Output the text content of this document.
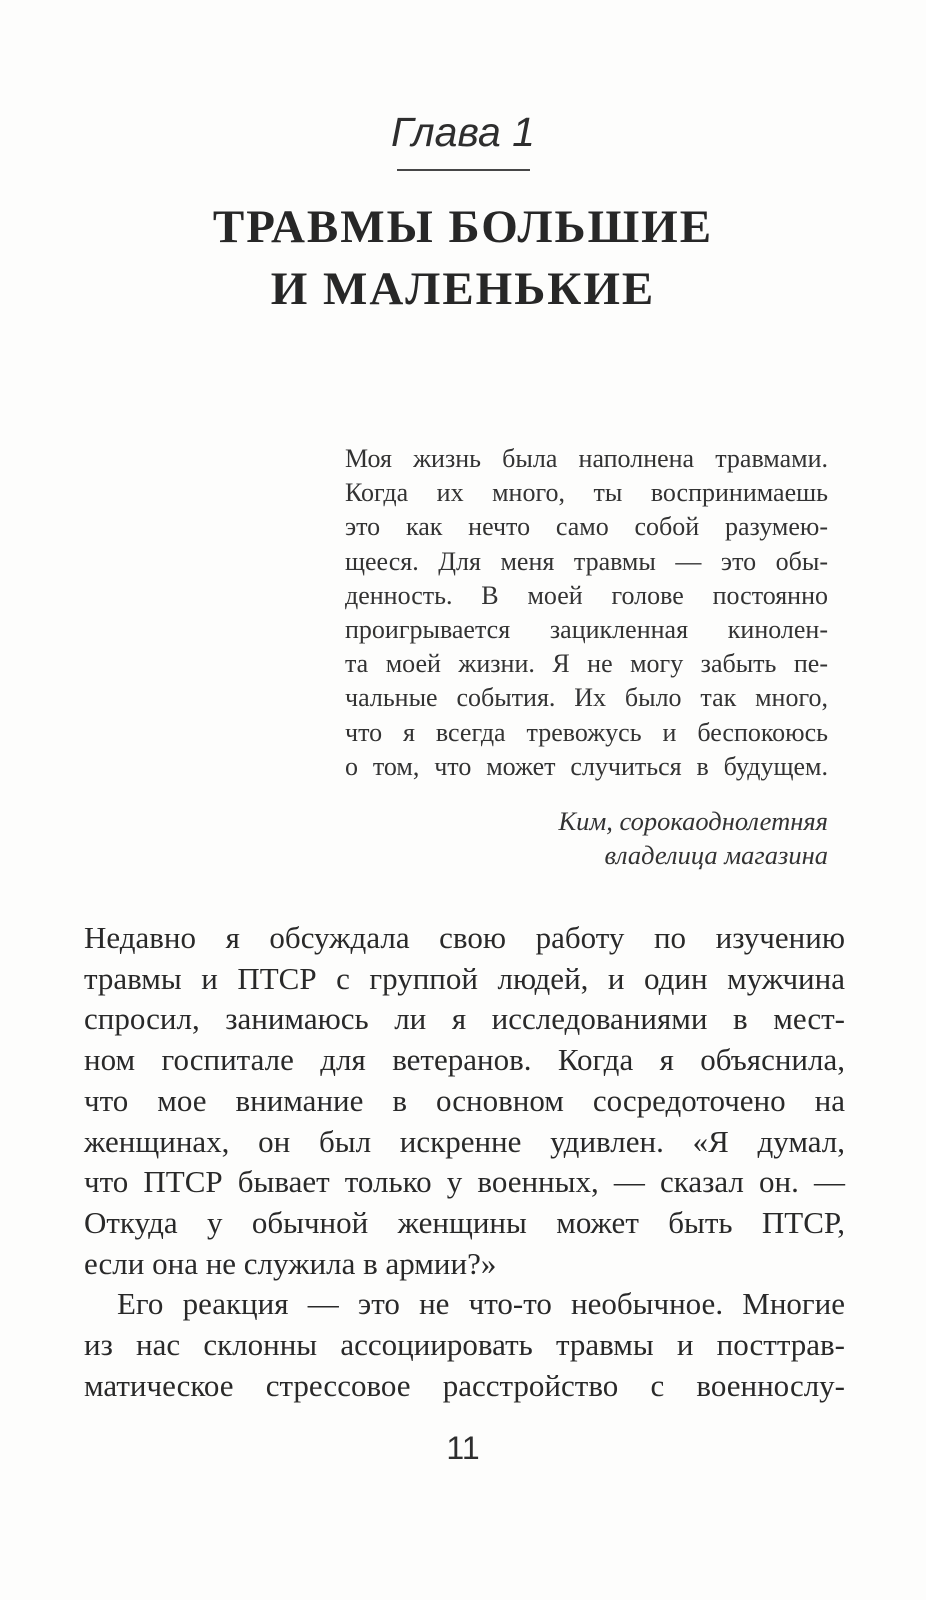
Глава 1
ТРАВМЫ БОЛЬШИЕ
И МАЛЕНЬКИЕ
Моя жизнь была наполнена травмами.
Когда их много, ты воспринимаешь
это как нечто само собой разумею-
щееся. Для меня травмы — это обы-
денность. В моей голове постоянно
проигрывается зацикленная кинолен-
та моей жизни. Я не могу забыть пе-
чальные события. Их было так много,
что я всегда тревожусь и беспокоюсь
о том, что может случиться в будущем.
Ким, сорокаоднолетняя
владелица магазина
Недавно я обсуждала свою работу по изучению
травмы и ПТСР с группой людей, и один мужчина
спросил, занимаюсь ли я исследованиями в мест-
ном госпитале для ветеранов. Когда я объяснила,
что мое внимание в основном сосредоточено на
женщинах, он был искренне удивлен. «Я думал,
что ПТСР бывает только у военных, — сказал он. —
Откуда у обычной женщины может быть ПТСР,
если она не служила в армии?»
Его реакция — это не что-то необычное. Многие
из нас склонны ассоциировать травмы и посттрав-
матическое стрессовое расстройство с военнослу-
11
